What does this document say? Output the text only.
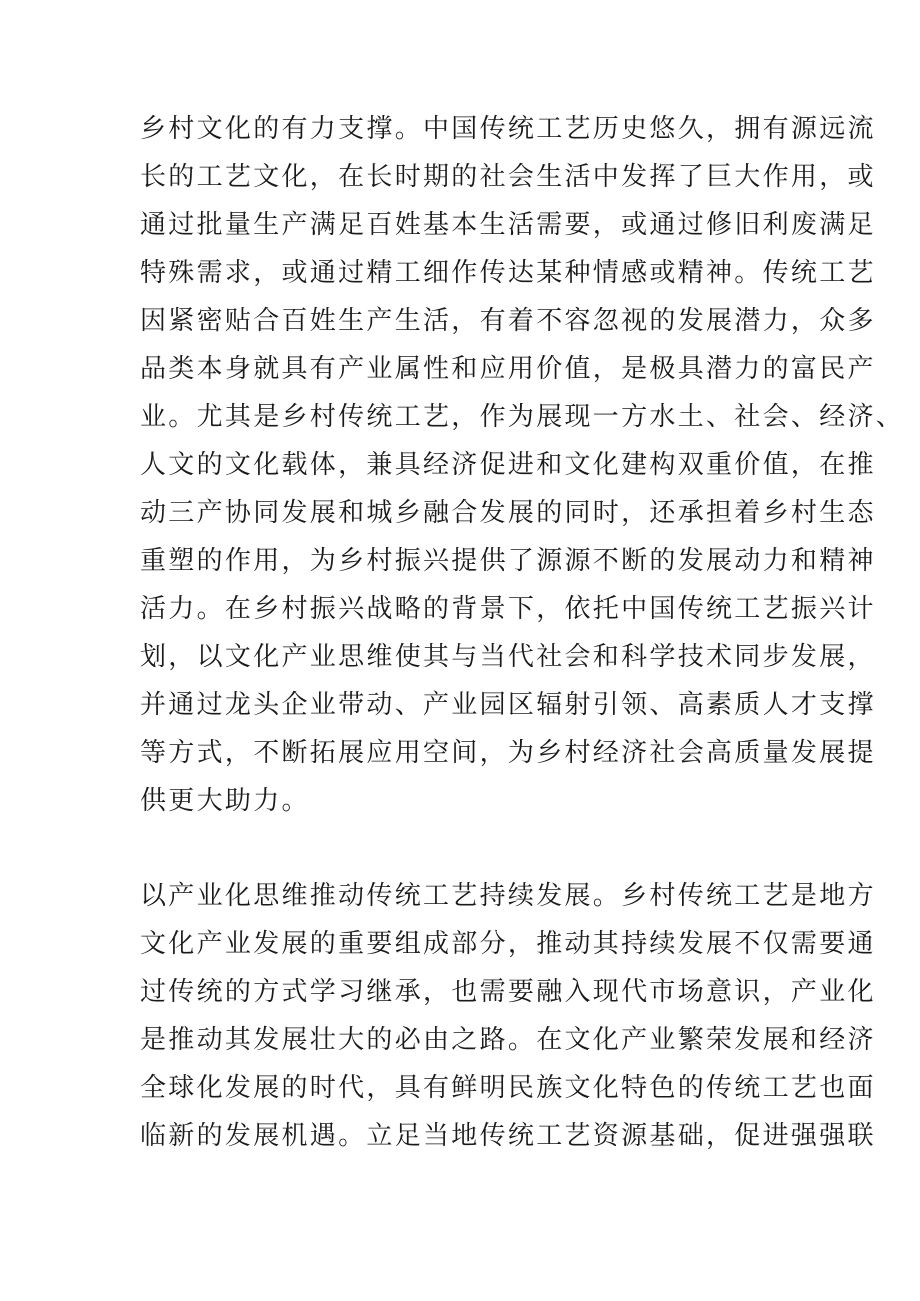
乡村文化的有力支撑。中国传统工艺历史悠久，拥有源远流
长的工艺文化，在长时期的社会生活中发挥了巨大作用，或
通过批量生产满足百姓基本生活需要，或通过修旧利废满足
特殊需求，或通过精工细作传达某种情感或精神。传统工艺
因紧密贴合百姓生产生活，有着不容忽视的发展潜力，众多
品类本身就具有产业属性和应用价值，是极具潜力的富民产
业。尤其是乡村传统工艺，作为展现一方水土、社会、经济、
人文的文化载体，兼具经济促进和文化建构双重价值，在推
动三产协同发展和城乡融合发展的同时，还承担着乡村生态
重塑的作用，为乡村振兴提供了源源不断的发展动力和精神
活力。在乡村振兴战略的背景下，依托中国传统工艺振兴计
划，以文化产业思维使其与当代社会和科学技术同步发展，
并通过龙头企业带动、产业园区辐射引领、高素质人才支撑
等方式，不断拓展应用空间，为乡村经济社会高质量发展提
供更大助力。
以产业化思维推动传统工艺持续发展。乡村传统工艺是地方
文化产业发展的重要组成部分，推动其持续发展不仅需要通
过传统的方式学习继承，也需要融入现代市场意识，产业化
是推动其发展壮大的必由之路。在文化产业繁荣发展和经济
全球化发展的时代，具有鲜明民族文化特色的传统工艺也面
临新的发展机遇。立足当地传统工艺资源基础，促进强强联
